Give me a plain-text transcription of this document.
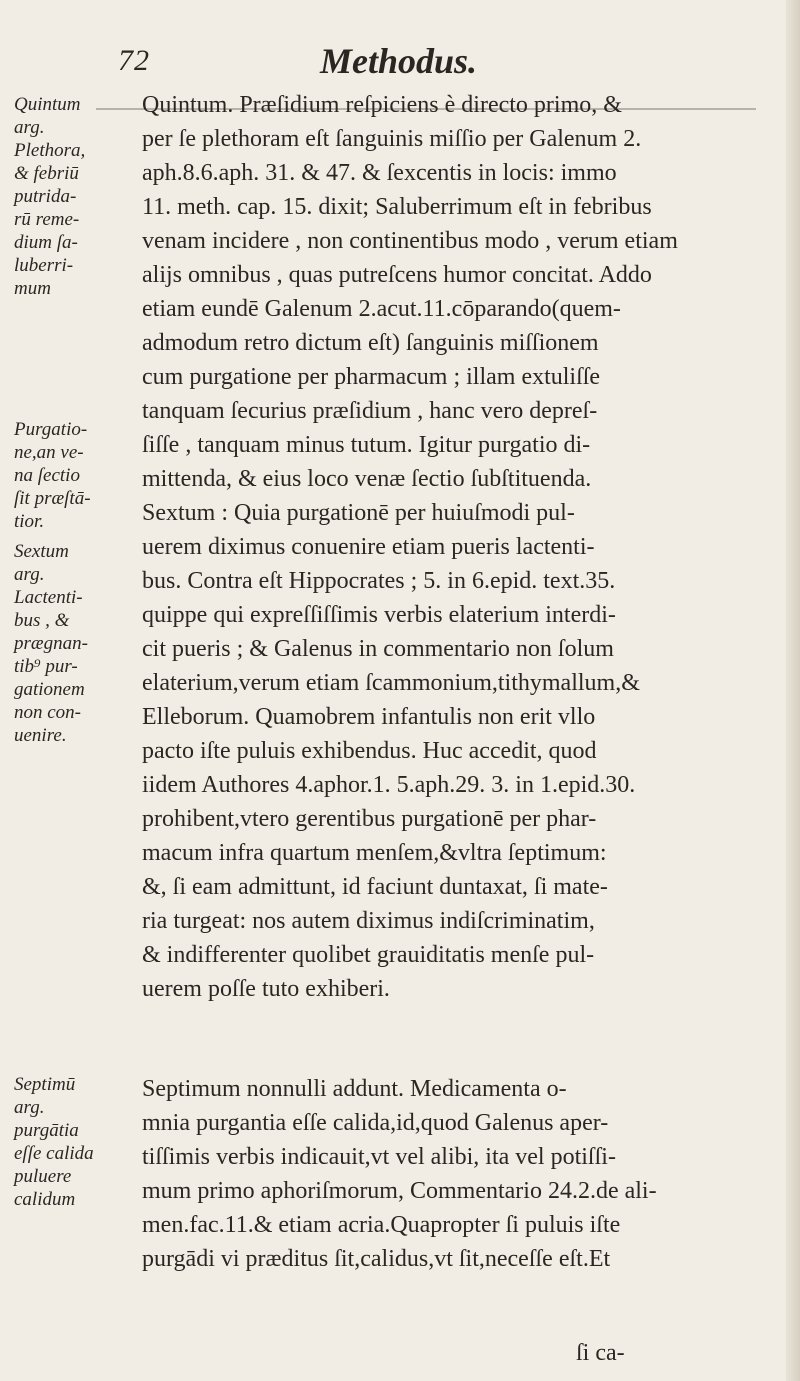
72	Methodus.
Quintum
arg.
Plethora,
& febriū
putrida-
rū reme-
dium ſa-
luberri-
mum
Purgatio-
ne,an ve-
na ſectio
ſit præſtā-
tior.
Sextum
arg.
Lactenti-
bus , &
prægnan-
tib⁹ pur-
gationem
non con-
uenire.
Septimū
arg.
purgātia
eſſe calida
puluere
calidum
Quintum. Præſidium reſpiciens è directo primo, &
per ſe plethoram eſt ſanguinis miſſio per Galenum 2.
aph.8.6.aph. 31. & 47. & ſexcentis in locis: immo
11. meth. cap. 15. dixit; Saluberrimum eſt in febribus
venam incidere , non continentibus modo , verum etiam
alijs omnibus , quas putreſcens humor concitat. Addo
etiam eundē Galenum 2.acut.11.cōparando(quem-
admodum retro dictum eſt) ſanguinis miſſionem
cum purgatione per pharmacum ; illam extuliſſe
tanquam ſecurius præſidium , hanc vero depreſ-
ſiſſe , tanquam minus tutum. Igitur purgatio di-
mittenda, & eius loco venæ ſectio ſubſtituenda.
Sextum : Quia purgationē per huiuſmodi pul-
uerem diximus conuenire etiam pueris lactenti-
bus. Contra eſt Hippocrates ; 5. in 6.epid. text.35.
quippe qui expreſſiſſimis verbis elaterium interdi-
cit pueris ; & Galenus in commentario non ſolum
elaterium,verum etiam ſcammonium,tithymallum,&
Elleborum. Quamobrem infantulis non erit vllo
pacto iſte puluis exhibendus. Huc accedit, quod
iidem Authores 4.aphor.1. 5.aph.29. 3. in 1.epid.30.
prohibent,vtero gerentibus purgationē per phar-
macum infra quartum menſem,&vltra ſeptimum:
&, ſi eam admittunt, id faciunt duntaxat, ſi mate-
ria turgeat: nos autem diximus indiſcriminatim,
& indifferenter quolibet grauiditatis menſe pul-
uerem poſſe tuto exhiberi.
Septimum nonnulli addunt. Medicamenta o-
mnia purgantia eſſe calida,id,quod Galenus aper-
tiſſimis verbis indicauit,vt vel alibi, ita vel potiſſi-
mum primo aphoriſmorum, Commentario 24.2.de ali-
men.fac.11.& etiam acria.Quapropter ſi puluis iſte
purgādi vi præditus ſit,calidus,vt ſit,neceſſe eſt.Et
ſi ca-
